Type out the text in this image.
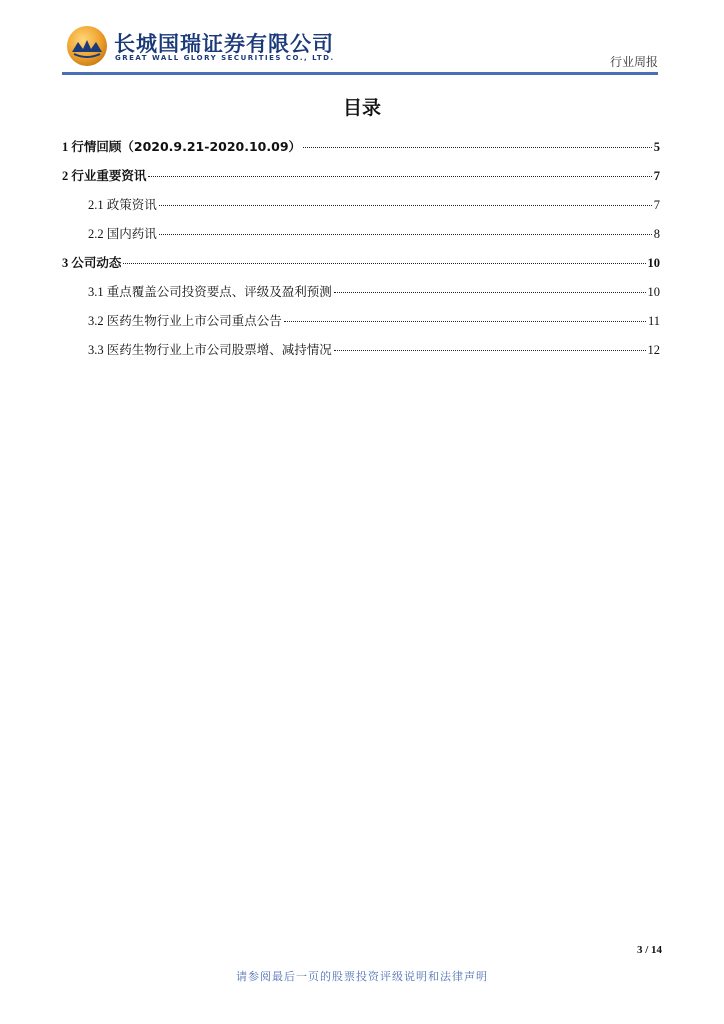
长城国瑞证券有限公司
GREAT WALL GLORY SECURITIES CO., LTD.	行业周报
目录
1 行情回顾（2020.9.21-2020.10.09）	5
2 行业重要资讯	7
2.1 政策资讯	7
2.2 国内药讯	8
3 公司动态	10
3.1 重点覆盖公司投资要点、评级及盈利预测	10
3.2 医药生物行业上市公司重点公告	11
3.3 医药生物行业上市公司股票增、减持情况	12
3 / 14
请参阅最后一页的股票投资评级说明和法律声明
